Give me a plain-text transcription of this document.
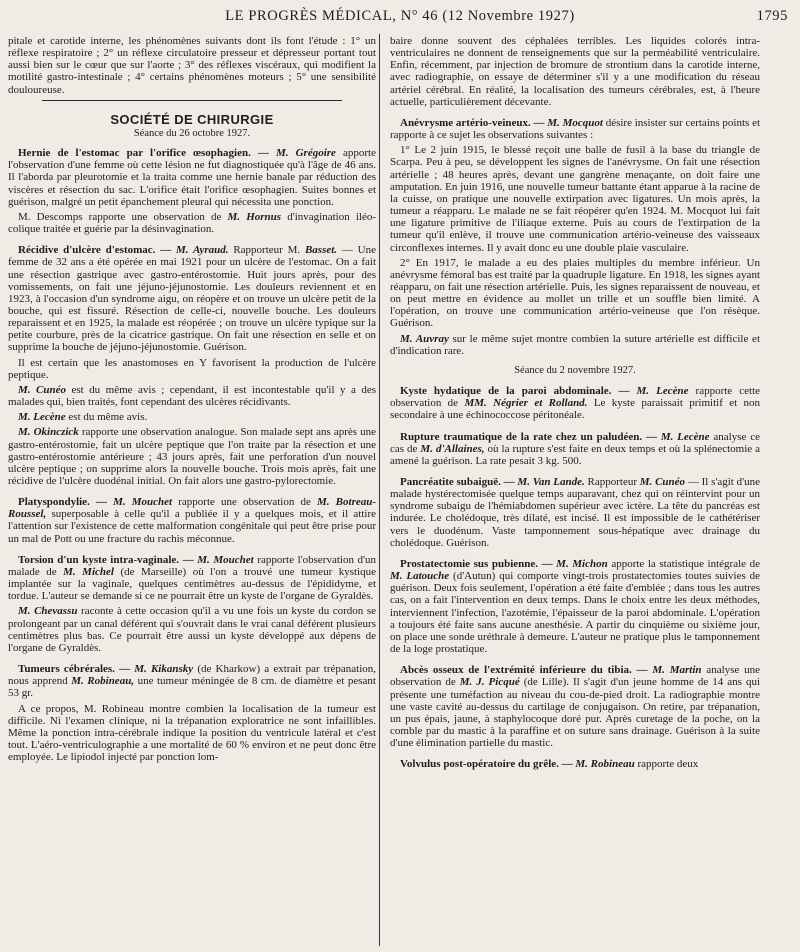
LE PROGRÈS MÉDICAL, N° 46 (12 Novembre 1927)	1795

pitale et carotide interne, les phénomènes suivants dont ils font l'étude : 1° un réflexe respiratoire ; 2° un réflexe circulatoire presseur et dépresseur portant tout aussi bien sur le cœur que sur l'aorte ; 3° des réflexes viscéraux, qui modifient la motilité gastro-intestinale ; 4° certains phénomènes moteurs ; 5° une sensibilité douloureuse.

SOCIÉTÉ DE CHIRURGIE
Séance du 26 octobre 1927.

Hernie de l'estomac par l'orifice œsophagien. — M. Grégoire apporte l'observation d'une femme où cette lésion ne fut diagnostiquée qu'à l'âge de 46 ans. Il l'aborda par pleurotomie et la traita comme une hernie banale par réduction des viscères et résection du sac. L'orifice était l'orifice œsophagien. Suites bonnes et guérison, malgré un petit épanchement pleural qui nécessita une ponction.

M. Descomps rapporte une observation de M. Hornus d'invagination iléo-colique traitée et guérie par la désinvagination.

Récidive d'ulcère d'estomac. — M. Ayraud. Rapporteur M. Basset. — Une femme de 32 ans a été opérée en mai 1921 pour un ulcère de l'estomac. On a fait une résection gastrique avec gastro-entérostomie. Huit jours après, pour des vomissements, on fait une jéjuno-jéjunostomie. Les douleurs reviennent et en 1923, à l'occasion d'un syndrome aigu, on réopère et on trouve un ulcère petit de la bouche, qui est fissuré. Résection de celle-ci, nouvelle bouche. Les douleurs reparaissent et en 1925, la malade est réopérée ; on trouve un ulcère typique sur la petite courbure, près de la cicatrice gastrique. On fait une résection en selle et on supprime la bouche de jéjuno-jéjunostomie. Guérison.

Il est certain que les anastomoses en Y favorisent la production de l'ulcère peptique.

M. Cunéo est du même avis ; cependant, il est incontestable qu'il y a des malades qui, bien traités, font cependant des ulcères récidivants.

M. Lecène est du même avis.

M. Okinczick rapporte une observation analogue. Son malade sept ans après une gastro-entérostomie, fait un ulcère peptique que l'on traite par la résection et une gastro-entérostomie antérieure ; 43 jours après, fait une perforation d'un nouvel ulcère peptique ; on supprime alors la nouvelle bouche. Trois mois après, fait une récidive de l'ulcère duodénal initial. On fait alors une gastro-pylorectomie.

Platyspondylie. — M. Mouchet rapporte une observation de M. Botreau-Roussel, superposable à celle qu'il a publiée il y a quelques mois, et il attire l'attention sur l'existence de cette malformation congénitale qui peut être prise pour un mal de Pott ou une fracture du rachis méconnue.

Torsion d'un kyste intra-vaginale. — M. Mouchet rapporte l'observation d'un malade de M. Michel (de Marseille) où l'on a trouvé une tumeur kystique implantée sur la vaginale, quelques centimètres au-dessus de l'épididyme, et tordue. L'auteur se demande si ce ne pourrait être un kyste de l'organe de Gyraldès.

M. Chevassu raconte à cette occasion qu'il a vu une fois un kyste du cordon se prolongeant par un canal déférent qui s'ouvrait dans le vrai canal déférent plusieurs centimètres plus bas. Ce pourrait être aussi un kyste développé aux dépens de l'organe de Gyraldès.

Tumeurs cébrérales. — M. Kikansky (de Kharkow) a extrait par trépanation, nous apprend M. Robineau, une tumeur méningée de 8 cm. de diamètre et pesant 53 gr.

A ce propos, M. Robineau montre combien la localisation de la tumeur est difficile. Ni l'examen clinique, ni la trépanation exploratrice ne sont infaillibles. Même la ponction intra-cérébrale indique la position du ventricule latéral et c'est tout. L'aéro-ventriculographie a une mortalité de 60 % environ et ne peut donc être employée. Le lipiodol injecté par ponction lom-

baire donne souvent des céphalées terribles. Les liquides colorés intra-ventriculaires ne donnent de renseignements que sur la perméabilité ventriculaire. Enfin, récemment, par injection de bromure de strontium dans la carotide interne, avec radiographie, on essaye de déterminer s'il y a une modification du réseau artériel cérébral. En réalité, la localisation des tumeurs cérébrales, est, à l'heure actuelle, particulièrement décevante.

Anévrysme artério-veineux. — M. Mocquot désire insister sur certains points et rapporte à ce sujet les observations suivantes :

1° Le 2 juin 1915, le blessé reçoit une balle de fusil à la base du triangle de Scarpa. Peu à peu, se développent les signes de l'anévrysme. On fait une résection artérielle ; 48 heures après, devant une gangrène menaçante, on doit faire une amputation. En juin 1916, une nouvelle tumeur battante étant apparue à la racine de la cuisse, on pratique une nouvelle extirpation avec ligatures. Un mois après, la tumeur a réapparu. Le malade ne se fait réopérer qu'en 1924. M. Mocquot lui fait une ligature primitive de l'iliaque externe. Puis au cours de l'extirpation de la tumeur qu'il enlève, il trouve une communication artério-veineuse des vaisseaux circonflexes internes. Il y avait donc eu une double plaie vasculaire.

2° En 1917, le malade a eu des plaies multiples du membre inférieur. Un anévrysme fémoral bas est traité par la quadruple ligature. En 1918, les signes ayant réapparu, on fait une résection artérielle. Puis, les signes reparaissent de nouveau, et on peut mettre en évidence au mollet un trille et un souffle bien limité. A l'opération, on trouve une communication artério-veineuse que l'on résèque. Guérison.

M. Auvray sur le même sujet montre combien la suture artérielle est difficile et d'indication rare.

Séance du 2 novembre 1927.

Kyste hydatique de la paroi abdominale. — M. Lecène rapporte cette observation de MM. Négrier et Rolland. Le kyste paraissait primitif et non secondaire à une échinococcose péritonéale.

Rupture traumatique de la rate chez un paludéen. — M. Lecène analyse ce cas de M. d'Allaines, où la rupture s'est faite en deux temps et où la splénectomie a amené la guérison. La rate pesait 3 kg. 500.

Pancréatite subaiguë. — M. Van Lande. Rapporteur M. Cunéo — Il s'agit d'une malade hystérectomisée quelque temps auparavant, chez qui on réintervint pour un syndrome subaigu de l'hémiabdomen supérieur avec ictère. La tête du pancréas est indurée. Le cholédoque, très dilaté, est incisé. Il est impossible de le cathétériser vers le duodénum. Vaste tamponnement sous-hépatique avec drainage du cholédoque. Guérison.

Prostatectomie sus pubienne. — M. Michon apporte la statistique intégrale de M. Latouche (d'Autun) qui comporte vingt-trois prostatectomies toutes suivies de guérison. Deux fois seulement, l'opération a été faite d'emblée ; dans tous les autres cas, on a fait l'intervention en deux temps. Dans le choix entre les deux méthodes, interviennent l'infection, l'azotémie, l'épaisseur de la paroi abdominale. L'opération a toujours été faite sans aucune anesthésie. A partir du cinquième ou sixième jour, on place une sonde uréthrale à demeure. L'auteur ne pratique plus le tamponnement de la loge prostatique.

Abcès osseux de l'extrémité inférieure du tibia. — M. Martin analyse une observation de M. J. Picqué (de Lille). Il s'agit d'un jeune homme de 14 ans qui présente une tuméfaction au niveau du cou-de-pied droit. La radiographie montre une vaste cavité au-dessus du cartilage de conjugaison. On retire, par trépanation, un pus épais, jaune, à staphylocoque doré pur. Après curetage de la poche, on la comble par du mastic à la paraffine et on suture sans drainage. Guérison à la suite d'une élimination partielle du mastic.

Volvulus post-opératoire du grêle. — M. Robineau rapporte deux
